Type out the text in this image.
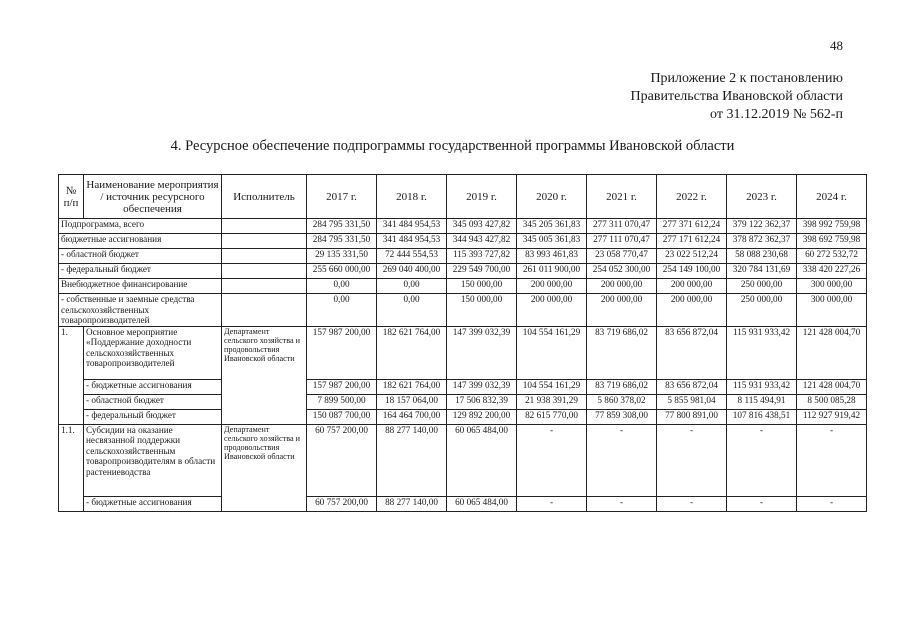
48
Приложение 2 к постановлению
Правительства Ивановской области
от 31.12.2019 № 562-п
4. Ресурсное обеспечение подпрограммы государственной программы Ивановской области
№ п/п	Наименование мероприятия / источник ресурсного обеспечения	Исполнитель	2017 г.	2018 г.	2019 г.	2020 г.	2021 г.	2022 г.	2023 г.	2024 г.
Подпрограмма, всего			284 795 331,50	341 484 954,53	345 093 427,82	345 205 361,83	277 311 070,47	277 371 612,24	379 122 362,37	398 992 759,98
бюджетные ассигнования			284 795 331,50	341 484 954,53	344 943 427,82	345 005 361,83	277 111 070,47	277 171 612,24	378 872 362,37	398 692 759,98
- областной бюджет			29 135 331,50	72 444 554,53	115 393 727,82	83 993 461,83	23 058 770,47	23 022 512,24	58 088 230,68	60 272 532,72
- федеральный бюджет			255 660 000,00	269 040 400,00	229 549 700,00	261 011 900,00	254 052 300,00	254 149 100,00	320 784 131,69	338 420 227,26
Внебюджетное финансирование			0,00	0,00	150 000,00	200 000,00	200 000,00	200 000,00	250 000,00	300 000,00
- собственные и заемные средства сельскохозяйственных товаропроизводителей			0,00	0,00	150 000,00	200 000,00	200 000,00	200 000,00	250 000,00	300 000,00
1.	Основное мероприятие «Поддержание доходности сельскохозяйственных товаропроизводителей	Департамент сельского хозяйства и продовольствия Ивановской области	157 987 200,00	182 621 764,00	147 399 032,39	104 554 161,29	83 719 686,02	83 656 872,04	115 931 933,42	121 428 004,70
	- бюджетные ассигнования		157 987 200,00	182 621 764,00	147 399 032,39	104 554 161,29	83 719 686,02	83 656 872,04	115 931 933,42	121 428 004,70
	- областной бюджет		7 899 500,00	18 157 064,00	17 506 832,39	21 938 391,29	5 860 378,02	5 855 981,04	8 115 494,91	8 500 085,28
	- федеральный бюджет		150 087 700,00	164 464 700,00	129 892 200,00	82 615 770,00	77 859 308,00	77 800 891,00	107 816 438,51	112 927 919,42
1.1.	Субсидии на оказание несвязанной поддержки сельскохозяйственным товаропроизводителям в области растениеводства	Департамент сельского хозяйства и продовольствия Ивановской области	60 757 200,00	88 277 140,00	60 065 484,00	-	-	-	-	-
	- бюджетные ассигнования		60 757 200,00	88 277 140,00	60 065 484,00	-	-	-	-	-
